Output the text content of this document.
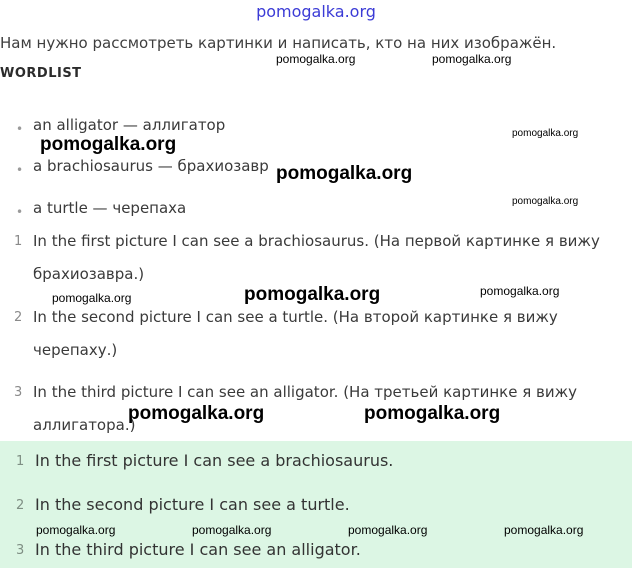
pomogalka.org
Нам нужно рассмотреть картинки и написать, кто на них изображён.
WORDLIST
• an alligator — аллигатор
• a brachiosaurus — брахиозавр
• a turtle — черепаха
1 In the first picture I can see a brachiosaurus. (На первой картинке я вижу
брахиозавра.)
2 In the second picture I can see a turtle. (На второй картинке я вижу
черепаху.)
3 In the third picture I can see an alligator. (На третьей картинке я вижу
аллигатора.)
1 In the first picture I can see a brachiosaurus.
2 In the second picture I can see a turtle.
3 In the third picture I can see an alligator.
pomogalka.org	pomogalka.org
pomogalka.org
pomogalka.org
pomogalka.org
pomogalka.org
pomogalka.org	pomogalka.org
pomogalka.org
pomogalka.org	pomogalka.org
pomogalka.org	pomogalka.org	pomogalka.org	pomogalka.org
